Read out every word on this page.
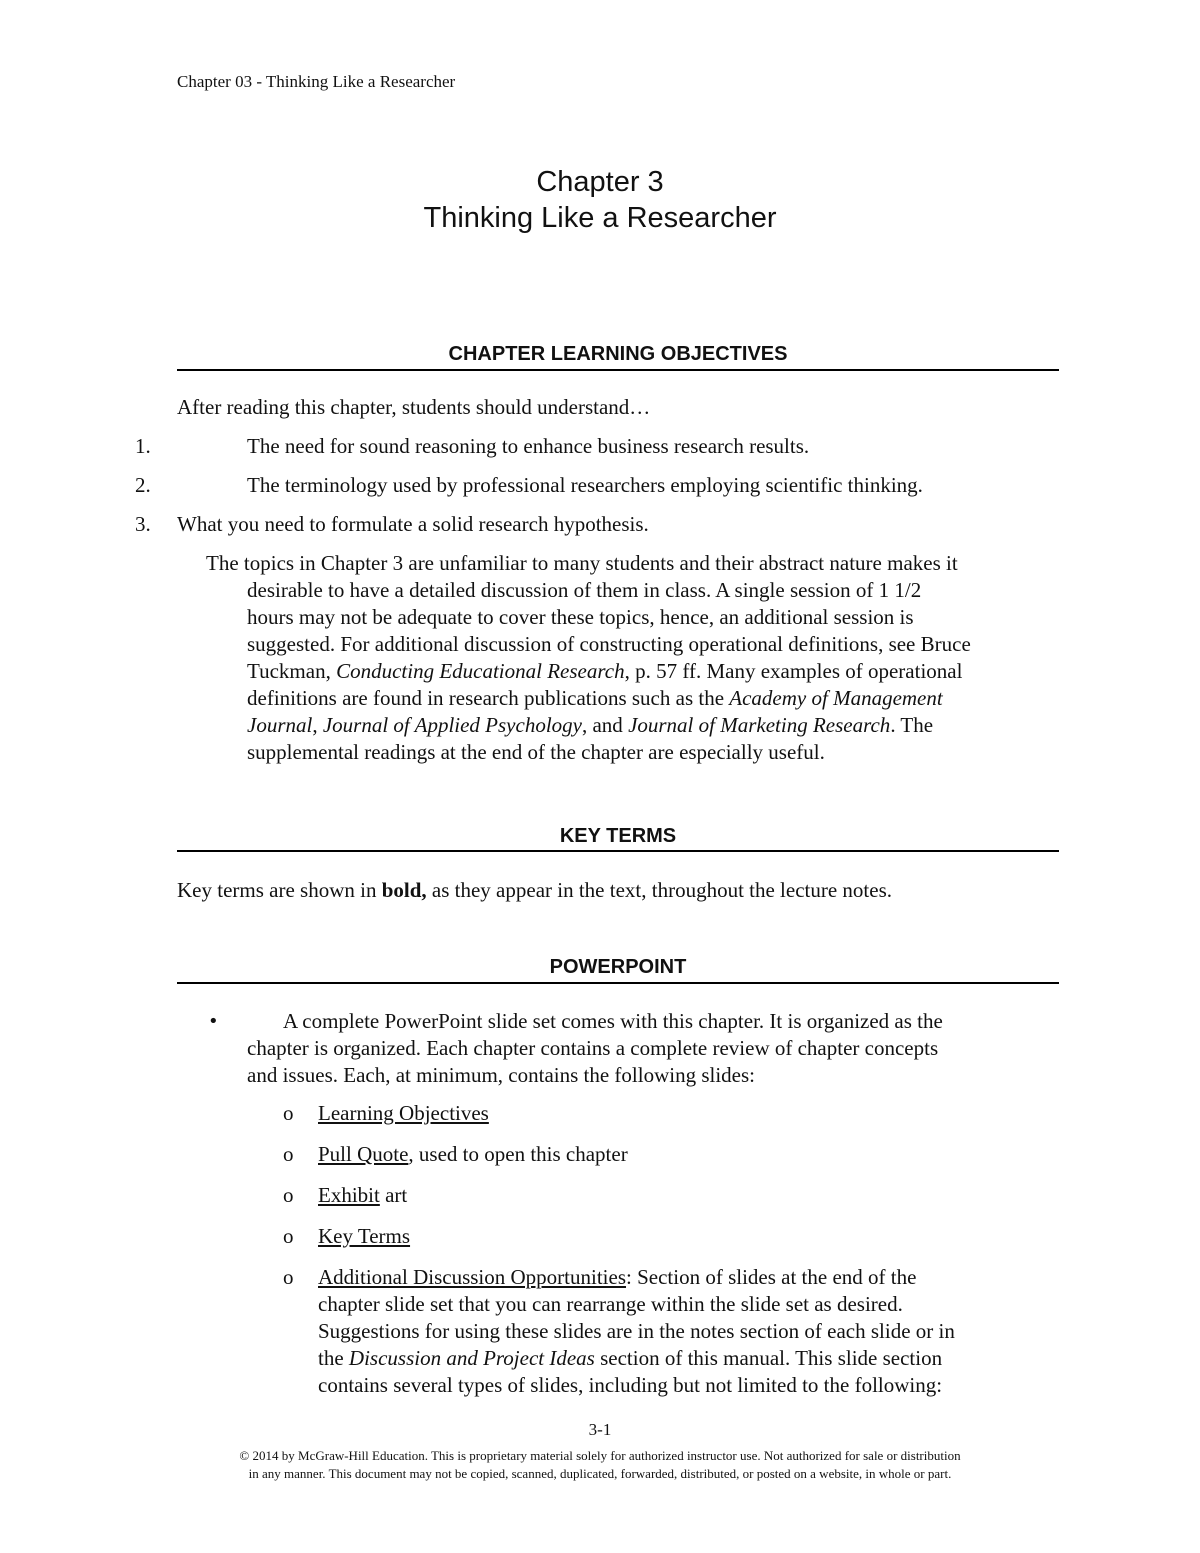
Chapter 03 - Thinking Like a Researcher
Chapter 3
Thinking Like a Researcher
CHAPTER LEARNING OBJECTIVES
After reading this chapter, students should understand…
1.	The need for sound reasoning to enhance business research results.
2.	The terminology used by professional researchers employing scientific thinking.
3. What you need to formulate a solid research hypothesis.
The topics in Chapter 3 are unfamiliar to many students and their abstract nature makes it
desirable to have a detailed discussion of them in class. A single session of 1 1/2
hours may not be adequate to cover these topics, hence, an additional session is
suggested. For additional discussion of constructing operational definitions, see Bruce
Tuckman, Conducting Educational Research, p. 57 ff. Many examples of operational
definitions are found in research publications such as the Academy of Management
Journal, Journal of Applied Psychology, and Journal of Marketing Research. The
supplemental readings at the end of the chapter are especially useful.
KEY TERMS
Key terms are shown in bold, as they appear in the text, throughout the lecture notes.
POWERPOINT
•	A complete PowerPoint slide set comes with this chapter. It is organized as the
chapter is organized. Each chapter contains a complete review of chapter concepts
and issues. Each, at minimum, contains the following slides:
o Learning Objectives
o Pull Quote, used to open this chapter
o Exhibit art
o Key Terms
o Additional Discussion Opportunities: Section of slides at the end of the
chapter slide set that you can rearrange within the slide set as desired.
Suggestions for using these slides are in the notes section of each slide or in
the Discussion and Project Ideas section of this manual. This slide section
contains several types of slides, including but not limited to the following:
3-1
© 2014 by McGraw-Hill Education. This is proprietary material solely for authorized instructor use. Not authorized for sale or distribution
in any manner. This document may not be copied, scanned, duplicated, forwarded, distributed, or posted on a website, in whole or part.
